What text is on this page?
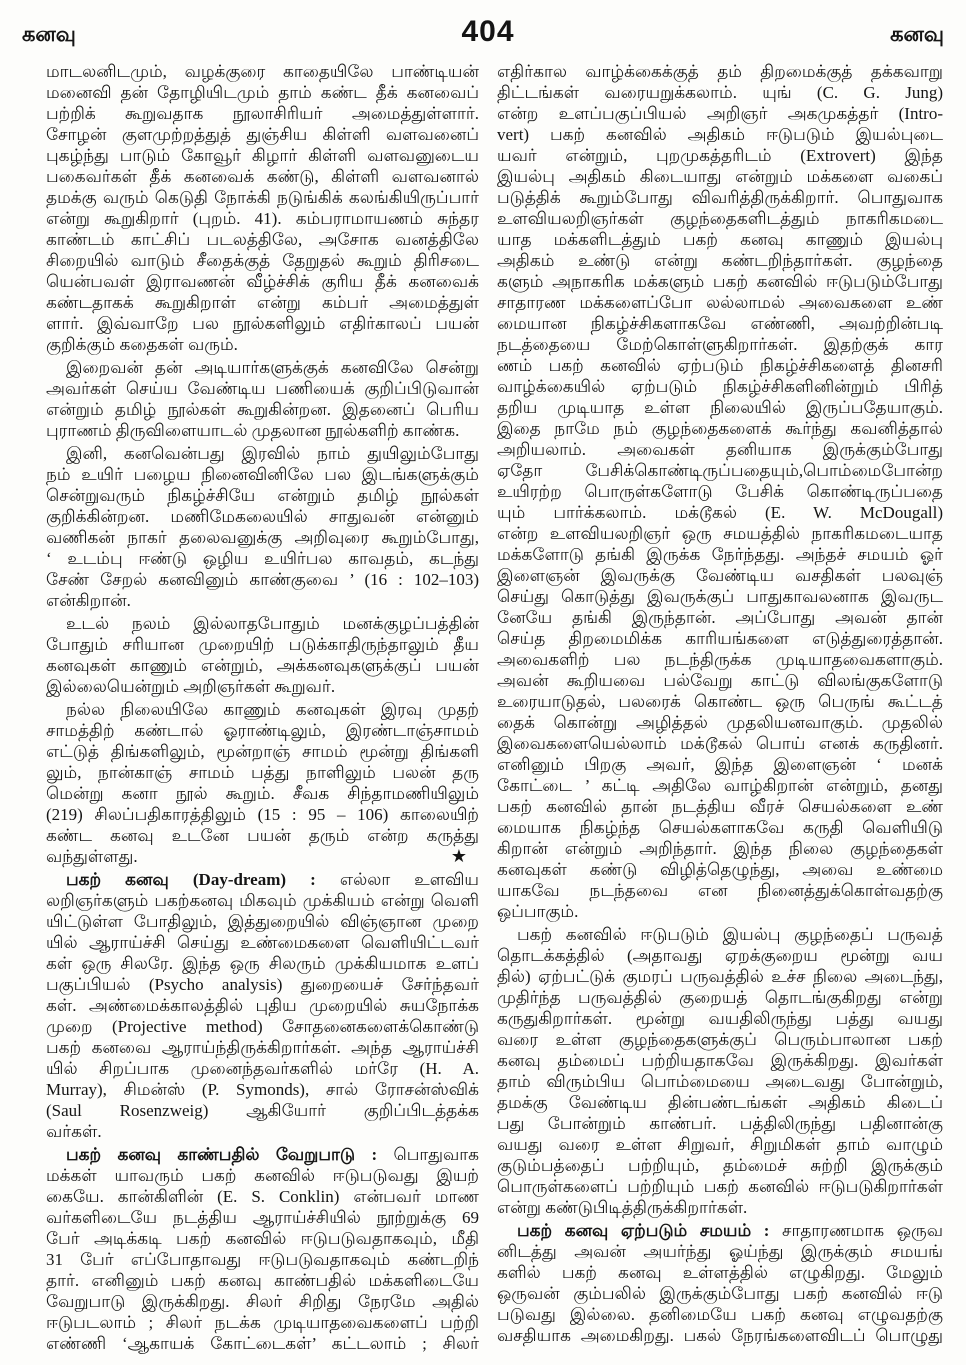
கனவு	404	கனவு
மாடலனிடமும், வழக்குரை காதையிலே பாண்டியன்
மனைவி தன் தோழியிடமும் தாம் கண்ட தீக் கனவைப்
பற்றிக் கூறுவதாக நூலாசிரியர் அமைத்துள்ளார்.
சோழன் குளமுற்றத்துத் துஞ்சிய கிள்ளி வளவனைப்
புகழ்ந்து பாடும் கோவூர் கிழார் கிள்ளி வளவனுடைய
பகைவர்கள் தீக் கனவைக் கண்டு, கிள்ளி வளவனால்
தமக்கு வரும் கெடுதி நோக்கி நடுங்கிக் கலங்கியிருப்பார்
என்று கூறுகிறார் (புறம். 41). கம்பராமாயணம் சுந்தர
காண்டம் காட்சிப் படலத்திலே, அசோக வனத்திலே
சிறையில் வாடும் சீதைக்குத் தேறுதல் கூறும் திரிசடை
யென்பவள் இராவணன் வீழ்ச்சிக் குரிய தீக் கனவைக்
கண்டதாகக் கூறுகிறாள் என்று கம்பர் அமைத்துள்
ளார். இவ்வாறே பல நூல்களிலும் எதிர்காலப் பயன்
குறிக்கும் கதைகள் வரும்.
இறைவன் தன் அடியார்களுக்குக் கனவிலே சென்று
அவர்கள் செய்ய வேண்டிய பணியைக் குறிப்பிடுவான்
என்றும் தமிழ் நூல்கள் கூறுகின்றன. இதனைப் பெரிய
புராணம் திருவிளையாடல் முதலான நூல்களிற் காண்க.
இனி, கனவென்பது இரவில் நாம் துயிலும்போது
நம் உயிர் பழைய நினைவினிலே பல இடங்களுக்கும்
சென்றுவரும் நிகழ்ச்சியே என்றும் தமிழ் நூல்கள்
குறிக்கின்றன. மணிமேகலையில் சாதுவன் என்னும்
வணிகன் நாகர் தலைவனுக்கு அறிவுரை கூறும்போது,
‘ உடம்பு ஈண்டு ஒழிய உயிர்பல காவதம், கடந்து
சேண் சேறல் கனவினும் காண்குவை ’ (16 : 102–103)
என்கிறான்.
உடல் நலம் இல்லாதபோதும் மனக்குழப்பத்தின்
போதும் சரியான முறையிற் படுக்காதிருந்தாலும் தீய
கனவுகள் காணும் என்றும், அக்கனவுகளுக்குப் பயன்
இல்லையென்றும் அறிஞர்கள் கூறுவர்.
நல்ல நிலையிலே காணும் கனவுகள் இரவு முதற்
சாமத்திற் கண்டால் ஓராண்டிலும், இரண்டாஞ்சாமம்
எட்டுத் திங்களிலும், மூன்றாஞ் சாமம் மூன்று திங்களி
லும், நான்காஞ் சாமம் பத்து நாளிலும் பலன் தரு
மென்று கனா நூல் கூறும். சீவக சிந்தாமணியிலும்
(219) சிலப்பதிகாரத்திலும் (15 : 95 – 106) காலையிற்
கண்ட கனவு உடனே பயன் தரும் என்ற கருத்து
வந்துள்ளது.	★
பகற் கனவு (Day-dream) : எல்லா உளவிய
லறிஞர்களும் பகற்கனவு மிகவும் முக்கியம் என்று வெளி
யிட்டுள்ள போதிலும், இத்துறையில் விஞ்ஞான முறை
யில் ஆராய்ச்சி செய்து உண்மைகளை வெளியிட்டவர்
கள் ஒரு சிலரே. இந்த ஒரு சிலரும் முக்கியமாக உளப்
பகுப்பியல் (Psycho analysis) துறையைச் சேர்ந்தவர்
கள். அண்மைக்காலத்தில் புதிய முறையில் சுயநோக்க
முறை (Projective method) சோதனைகளைக்கொண்டு
பகற் கனவை ஆராய்ந்திருக்கிறார்கள். அந்த ஆராய்ச்சி
யில் சிறப்பாக முனைந்தவர்களில் மர்ரே (H. A.
Murray), சிமன்ஸ் (P. Symonds), சால் ரோசன்ஸ்விக்
(Saul Rosenzweig) ஆகியோர் குறிப்பிடத்தக்க
வர்கள்.
பகற் கனவு காண்பதில் வேறுபாடு : பொதுவாக
மக்கள் யாவரும் பகற் கனவில் ஈடுபடுவது இயற்
கையே. கான்கிளின் (E. S. Conklin) என்பவர் மாண
வர்களிடையே நடத்திய ஆராய்ச்சியில் நூற்றுக்கு 69
பேர் அடிக்கடி பகற் கனவில் ஈடுபடுவதாகவும், மீதி
31 பேர் எப்போதாவது ஈடுபடுவதாகவும் கண்டறிந்
தார். எனினும் பகற் கனவு காண்பதில் மக்களிடையே
வேறுபாடு இருக்கிறது. சிலர் சிறிது நேரமே அதில்
ஈடுபடலாம் ; சிலர் நடக்க முடியாதவைகளைப் பற்றி
எண்ணி ‘ஆகாயக் கோட்டைகள்’ கட்டலாம் ; சிலர்
எதிர்கால வாழ்க்கைக்குத் தம் திறமைக்குத் தக்கவாறு
திட்டங்கள் வரையறுக்கலாம். யுங் (C. G. Jung)
என்ற உளப்பகுப்பியல் அறிஞர் அகமுகத்தர் (Intro-
vert) பகற் கனவில் அதிகம் ஈடுபடும் இயல்புடை
யவர் என்றும், புறமுகத்தரிடம் (Extrovert) இந்த
இயல்பு அதிகம் கிடையாது என்றும் மக்களை வகைப்
படுத்திக் கூறும்போது விவரித்திருக்கிறார். பொதுவாக
உளவியலறிஞர்கள் குழந்தைகளிடத்தும் நாகரிகமடை
யாத மக்களிடத்தும் பகற் கனவு காணும் இயல்பு
அதிகம் உண்டு என்று கண்டறிந்தார்கள். குழந்தை
களும் அநாகரிக மக்களும் பகற் கனவில் ஈடுபடும்போது
சாதாரண மக்களைப்போ லல்லாமல் அவைகளை உண்
மையான நிகழ்ச்சிகளாகவே எண்ணி, அவற்றின்படி
நடத்தையை மேற்கொள்ளுகிறார்கள். இதற்குக் கார
ணம் பகற் கனவில் ஏற்படும் நிகழ்ச்சிகளைத் தினசரி
வாழ்க்கையில் ஏற்படும் நிகழ்ச்சிகளினின்றும் பிரித்
தறிய முடியாத உள்ள நிலையில் இருப்பதேயாகும்.
இதை நாமே நம் குழந்தைகளைக் கூர்ந்து கவனித்தால்
அறியலாம். அவைகள் தனியாக இருக்கும்போது
ஏதோ பேசிக்கொண்டிருப்பதையும்,பொம்மைபோன்ற
உயிரற்ற பொருள்களோடு பேசிக் கொண்டிருப்பதை
யும் பார்க்கலாம். மக்டூகல் (E. W. McDougall)
என்ற உளவியலறிஞர் ஒரு சமயத்தில் நாகரிகமடையாத
மக்களோடு தங்கி இருக்க நேர்ந்தது. அந்தச் சமயம் ஓர்
இளைஞன் இவருக்கு வேண்டிய வசதிகள் பலவுஞ்
செய்து கொடுத்து இவருக்குப் பாதுகாவலனாக இவருட
னேயே தங்கி இருந்தான். அப்போது அவன் தான்
செய்த திறமைமிக்க காரியங்களை எடுத்துரைத்தான்.
அவைகளிற் பல நடந்திருக்க முடியாதவைகளாகும்.
அவன் கூறியவை பல்வேறு காட்டு விலங்குகளோடு
உரையாடுதல், பலரைக் கொண்ட ஒரு பெருங் கூட்டத்
தைக் கொன்று அழித்தல் முதலியனவாகும். முதலில்
இவைகளையெல்லாம் மக்டூகல் பொய் எனக் கருதினர்.
எனினும் பிறகு அவர், இந்த இளைஞன் ‘ மனக்
கோட்டை ’ கட்டி அதிலே வாழ்கிறான் என்றும், தனது
பகற் கனவில் தான் நடத்திய வீரச் செயல்களை உண்
மையாக நிகழ்ந்த செயல்களாகவே கருதி வெளியிடு
கிறான் என்றும் அறிந்தார். இந்த நிலை குழந்தைகள்
கனவுகள் கண்டு விழித்தெழுந்து, அவை உண்மை
யாகவே நடந்தவை என நினைத்துக்கொள்வதற்கு
ஒப்பாகும்.
பகற் கனவில் ஈடுபடும் இயல்பு குழந்தைப் பருவத்
தொடக்கத்தில் (அதாவது ஏறக்குறைய மூன்று வய
தில்) ஏற்பட்டுக் குமரப் பருவத்தில் உச்ச நிலை அடைந்து,
முதிர்ந்த பருவத்தில் குறையத் தொடங்குகிறது என்று
கருதுகிறார்கள். மூன்று வயதிலிருந்து பத்து வயது
வரை உள்ள குழந்தைகளுக்குப் பெரும்பாலான பகற்
கனவு தம்மைப் பற்றியதாகவே இருக்கிறது. இவர்கள்
தாம் விரும்பிய பொம்மையை அடைவது போன்றும்,
தமக்கு வேண்டிய தின்பண்டங்கள் அதிகம் கிடைப்
பது போன்றும் காண்பர். பத்திலிருந்து பதினான்கு
வயது வரை உள்ள சிறுவர், சிறுமிகள் தாம் வாழும்
குடும்பத்தைப் பற்றியும், தம்மைச் சுற்றி இருக்கும்
பொருள்களைப் பற்றியும் பகற் கனவில் ஈடுபடுகிறார்கள்
என்று கண்டுபிடித்திருக்கிறார்கள்.
பகற் கனவு ஏற்படும் சமயம் : சாதாரணமாக ஒருவ
னிடத்து அவன் அயர்ந்து ஓய்ந்து இருக்கும் சமயங்
களில் பகற் கனவு உள்ளத்தில் எழுகிறது. மேலும்
ஒருவன் கும்பலில் இருக்கும்போது பகற் கனவில் ஈடு
படுவது இல்லை. தனிமையே பகற் கனவு எழுவதற்கு
வசதியாக அமைகிறது. பகல் நேரங்களைவிடப் பொழுது
